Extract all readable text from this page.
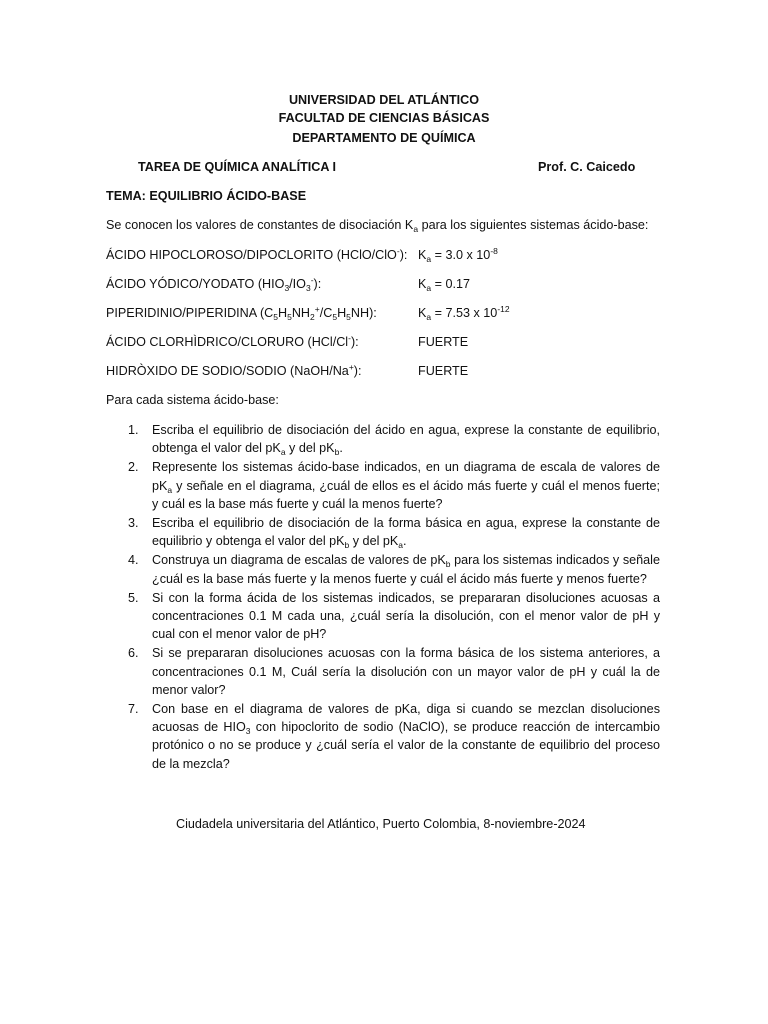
UNIVERSIDAD DEL ATLÁNTICO
FACULTAD DE CIENCIAS BÁSICAS
DEPARTAMENTO DE QUÍMICA
TAREA DE QUÍMICA ANALÍTICA I	Prof. C. Caicedo
TEMA: EQUILIBRIO ÁCIDO-BASE
Se conocen los valores de constantes de disociación $K_a$ para los siguientes sistemas ácido-base:
ÁCIDO HIPOCLOROSO/DIPOCLORITO (HClO/ClO-): $K_a = 3.0$ x $10^{-8}$
ÁCIDO YÓDICO/YODATO $(HIO_3/IO_3^-)$:	$K_a = 0.17$
PIPERIDINIO/PIPERIDINA $(C_5H_5NH_2^+/C_5H_5NH)$:	$K_a = 7.53$ x $10^{-12}$
ÁCIDO CLORHÌDRICO/CLORURO (HCl/Cl-):	FUERTE
HIDRÒXIDO DE SODIO/SODIO (NaOH/Na+):	FUERTE
Para cada sistema ácido-base:
1. Escriba el equilibrio de disociación del ácido en agua, exprese la constante de equilibrio, obtenga el valor del $pK_a$ y del $pK_b$.
2. Represente los sistemas ácido-base indicados, en un diagrama de escala de valores de $pK_a$ y señale en el diagrama, ¿cuál de ellos es el ácido más fuerte y cuál el menos fuerte; y cuál es la base más fuerte y cuál la menos fuerte?
3. Escriba el equilibrio de disociación de la forma básica en agua, exprese la constante de equilibrio y obtenga el valor del $pK_b$ y del $pK_a$.
4. Construya un diagrama de escalas de valores de $pK_b$ para los sistemas indicados y señale ¿cuál es la base más fuerte y la menos fuerte y cuál el ácido más fuerte y menos fuerte?
5. Si con la forma ácida de los sistemas indicados, se prepararan disoluciones acuosas a concentraciones 0.1 M cada una, ¿cuál sería la disolución, con el menor valor de pH y cual con el menor valor de pH?
6. Si se prepararan disoluciones acuosas con la forma básica de los sistema anteriores, a concentraciones 0.1 M, Cuál sería la disolución con un mayor valor de pH y cuál la de menor valor?
7. Con base en el diagrama de valores de pKa, diga si cuando se mezclan disoluciones acuosas de $HIO_3$ con hipoclorito de sodio (NaClO), se produce reacción de intercambio protónico o no se produce y ¿cuál sería el valor de la constante de equilibrio del proceso de la mezcla?
Ciudadela universitaria del Atlántico, Puerto Colombia, 8-noviembre-2024
